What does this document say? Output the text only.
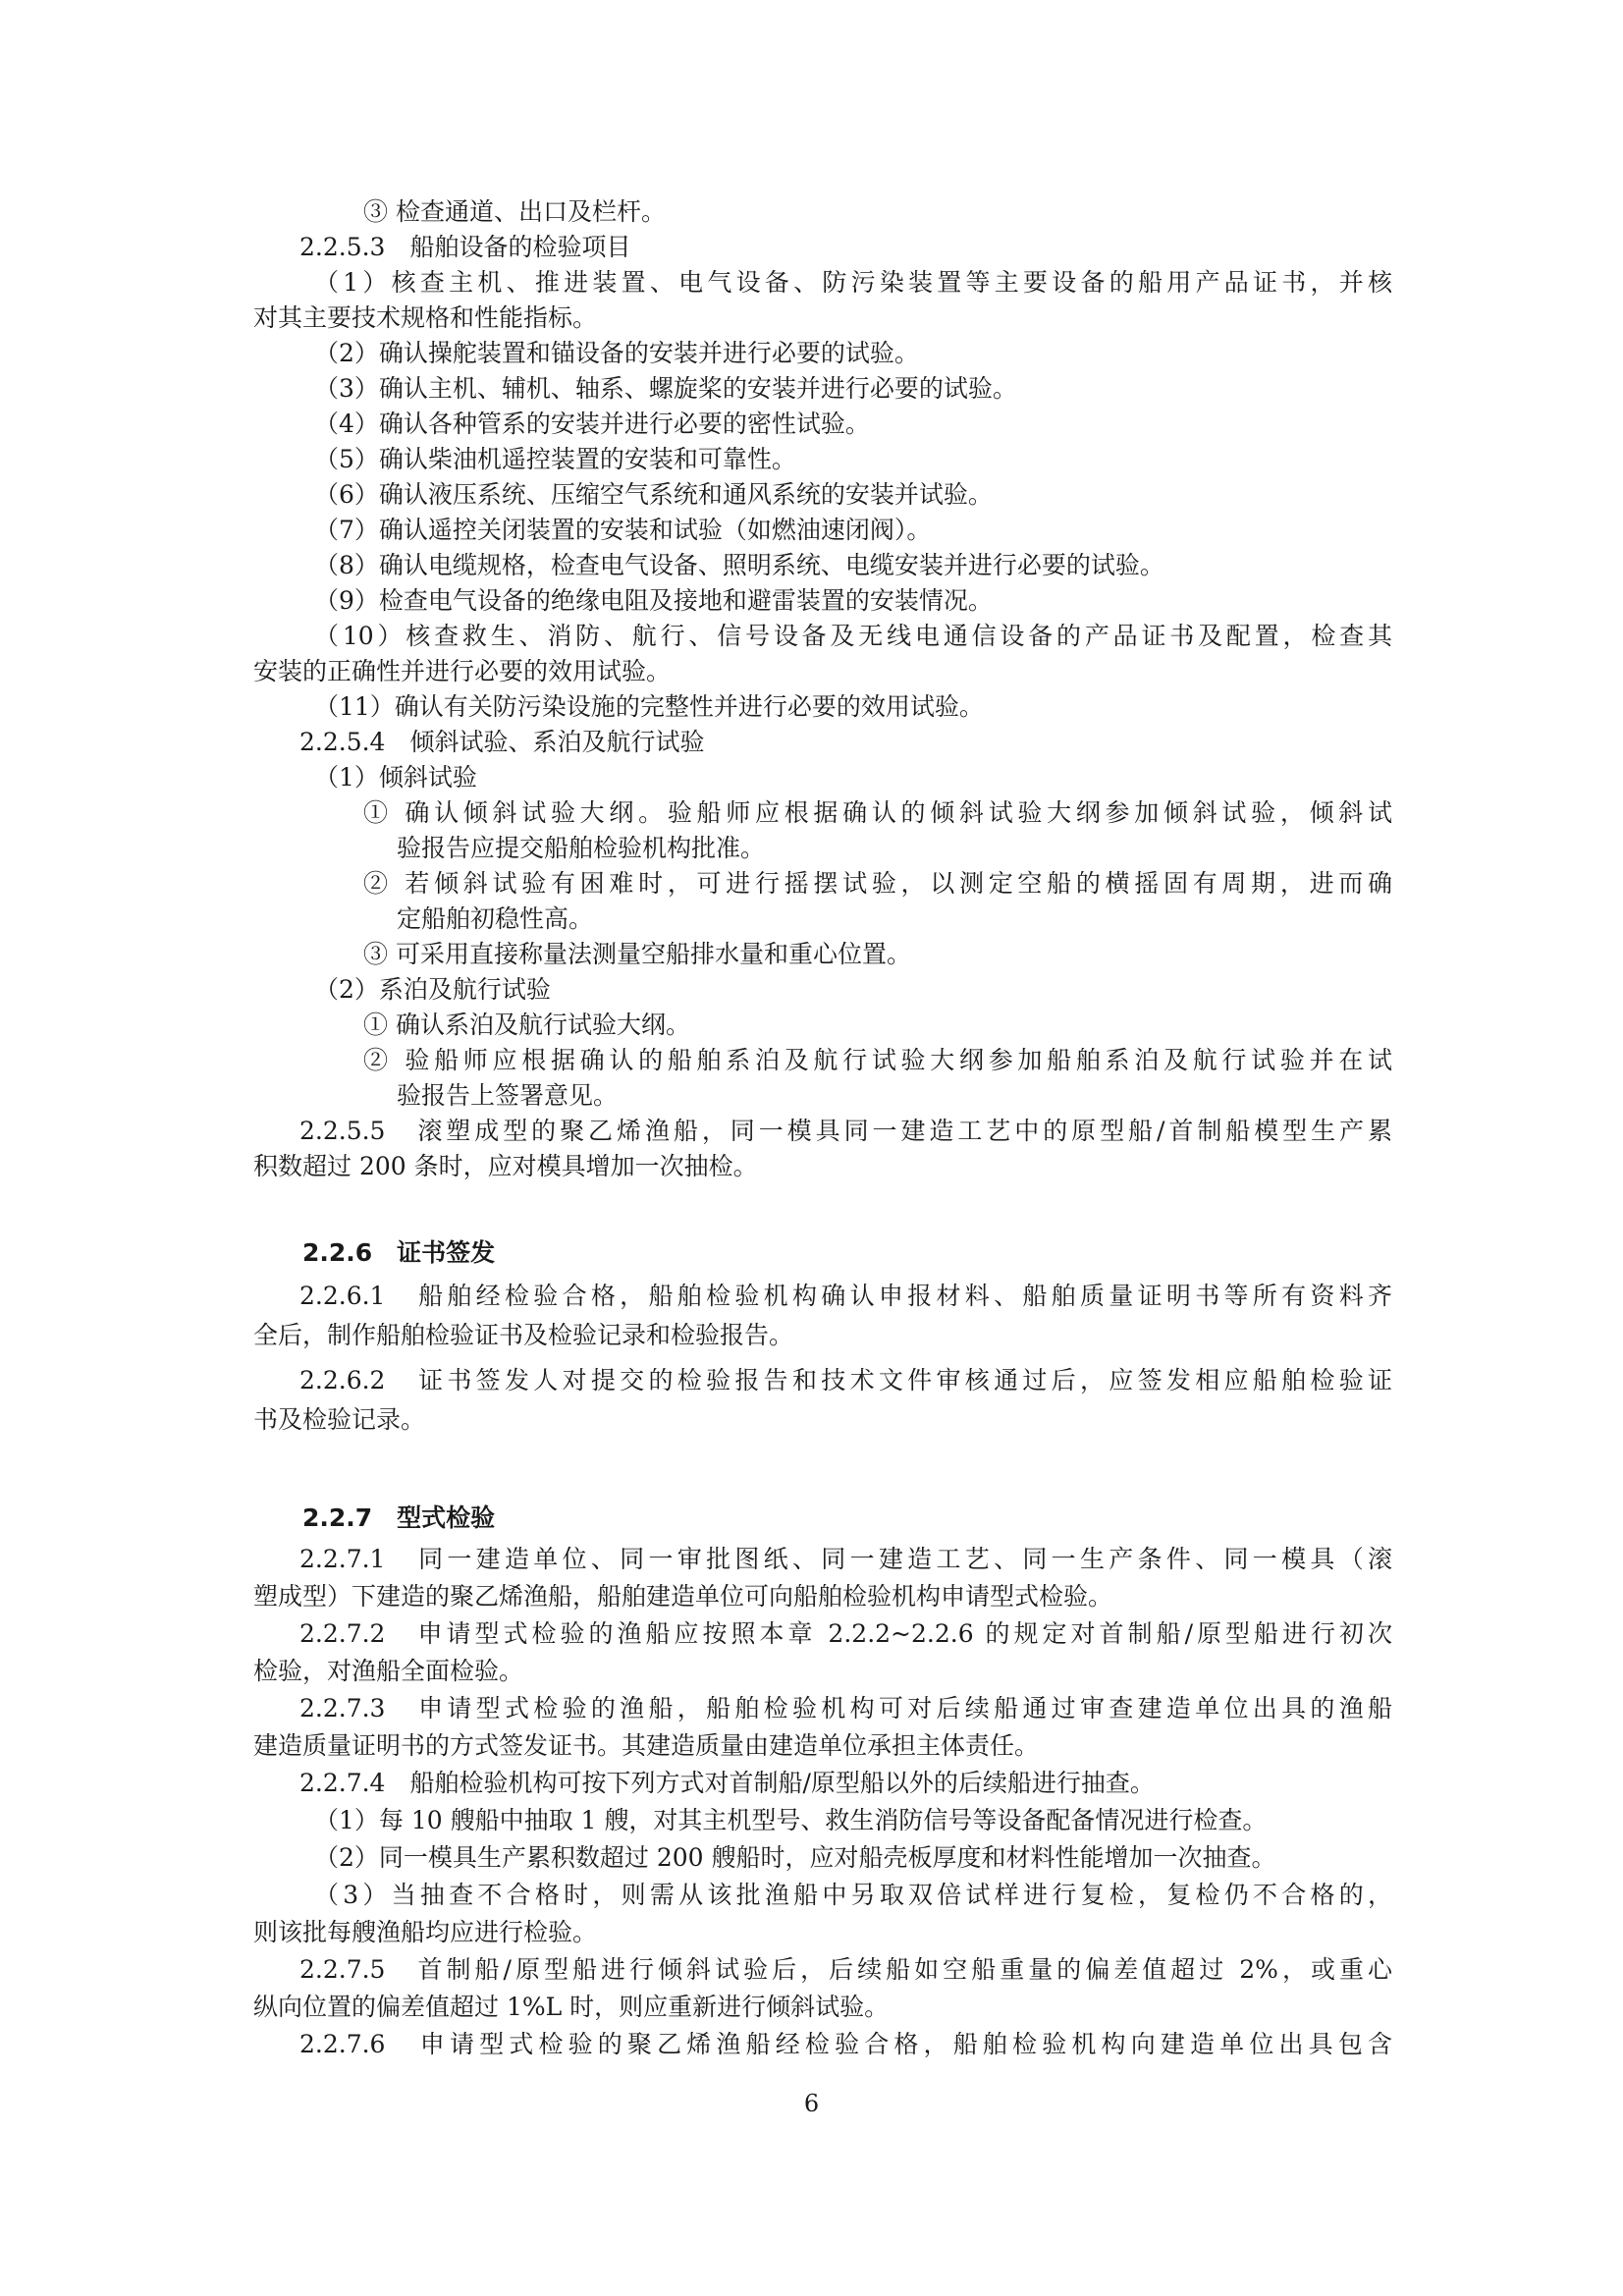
③ 检查通道、出口及栏杆。
2.2.5.3　船舶设备的检验项目
（1）核查主机、推进装置、电气设备、防污染装置等主要设备的船用产品证书，并核
对其主要技术规格和性能指标。
（2）确认操舵装置和锚设备的安装并进行必要的试验。
（3）确认主机、辅机、轴系、螺旋桨的安装并进行必要的试验。
（4）确认各种管系的安装并进行必要的密性试验。
（5）确认柴油机遥控装置的安装和可靠性。
（6）确认液压系统、压缩空气系统和通风系统的安装并试验。
（7）确认遥控关闭装置的安装和试验（如燃油速闭阀）。
（8）确认电缆规格，检查电气设备、照明系统、电缆安装并进行必要的试验。
（9）检查电气设备的绝缘电阻及接地和避雷装置的安装情况。
（10）核查救生、消防、航行、信号设备及无线电通信设备的产品证书及配置，检查其
安装的正确性并进行必要的效用试验。
（11）确认有关防污染设施的完整性并进行必要的效用试验。
2.2.5.4　倾斜试验、系泊及航行试验
（1）倾斜试验
① 确认倾斜试验大纲。验船师应根据确认的倾斜试验大纲参加倾斜试验，倾斜试
验报告应提交船舶检验机构批准。
② 若倾斜试验有困难时，可进行摇摆试验，以测定空船的横摇固有周期，进而确
定船舶初稳性高。
③ 可采用直接称量法测量空船排水量和重心位置。
（2）系泊及航行试验
① 确认系泊及航行试验大纲。
② 验船师应根据确认的船舶系泊及航行试验大纲参加船舶系泊及航行试验并在试
验报告上签署意见。
2.2.5.5　滚塑成型的聚乙烯渔船，同一模具同一建造工艺中的原型船/首制船模型生产累
积数超过 200 条时，应对模具增加一次抽检。
2.2.6　证书签发
2.2.6.1　船舶经检验合格，船舶检验机构确认申报材料、船舶质量证明书等所有资料齐
全后，制作船舶检验证书及检验记录和检验报告。
2.2.6.2　证书签发人对提交的检验报告和技术文件审核通过后，应签发相应船舶检验证
书及检验记录。
2.2.7　型式检验
2.2.7.1　同一建造单位、同一审批图纸、同一建造工艺、同一生产条件、同一模具（滚
塑成型）下建造的聚乙烯渔船，船舶建造单位可向船舶检验机构申请型式检验。
2.2.7.2　申请型式检验的渔船应按照本章 2.2.2~2.2.6 的规定对首制船/原型船进行初次
检验，对渔船全面检验。
2.2.7.3　申请型式检验的渔船，船舶检验机构可对后续船通过审查建造单位出具的渔船
建造质量证明书的方式签发证书。其建造质量由建造单位承担主体责任。
2.2.7.4　船舶检验机构可按下列方式对首制船/原型船以外的后续船进行抽查。
（1）每 10 艘船中抽取 1 艘，对其主机型号、救生消防信号等设备配备情况进行检查。
（2）同一模具生产累积数超过 200 艘船时，应对船壳板厚度和材料性能增加一次抽查。
（3）当抽查不合格时，则需从该批渔船中另取双倍试样进行复检，复检仍不合格的，
则该批每艘渔船均应进行检验。
2.2.7.5　首制船/原型船进行倾斜试验后，后续船如空船重量的偏差值超过 2%，或重心
纵向位置的偏差值超过 1%L 时，则应重新进行倾斜试验。
2.2.7.6　申请型式检验的聚乙烯渔船经检验合格，船舶检验机构向建造单位出具包含
6
